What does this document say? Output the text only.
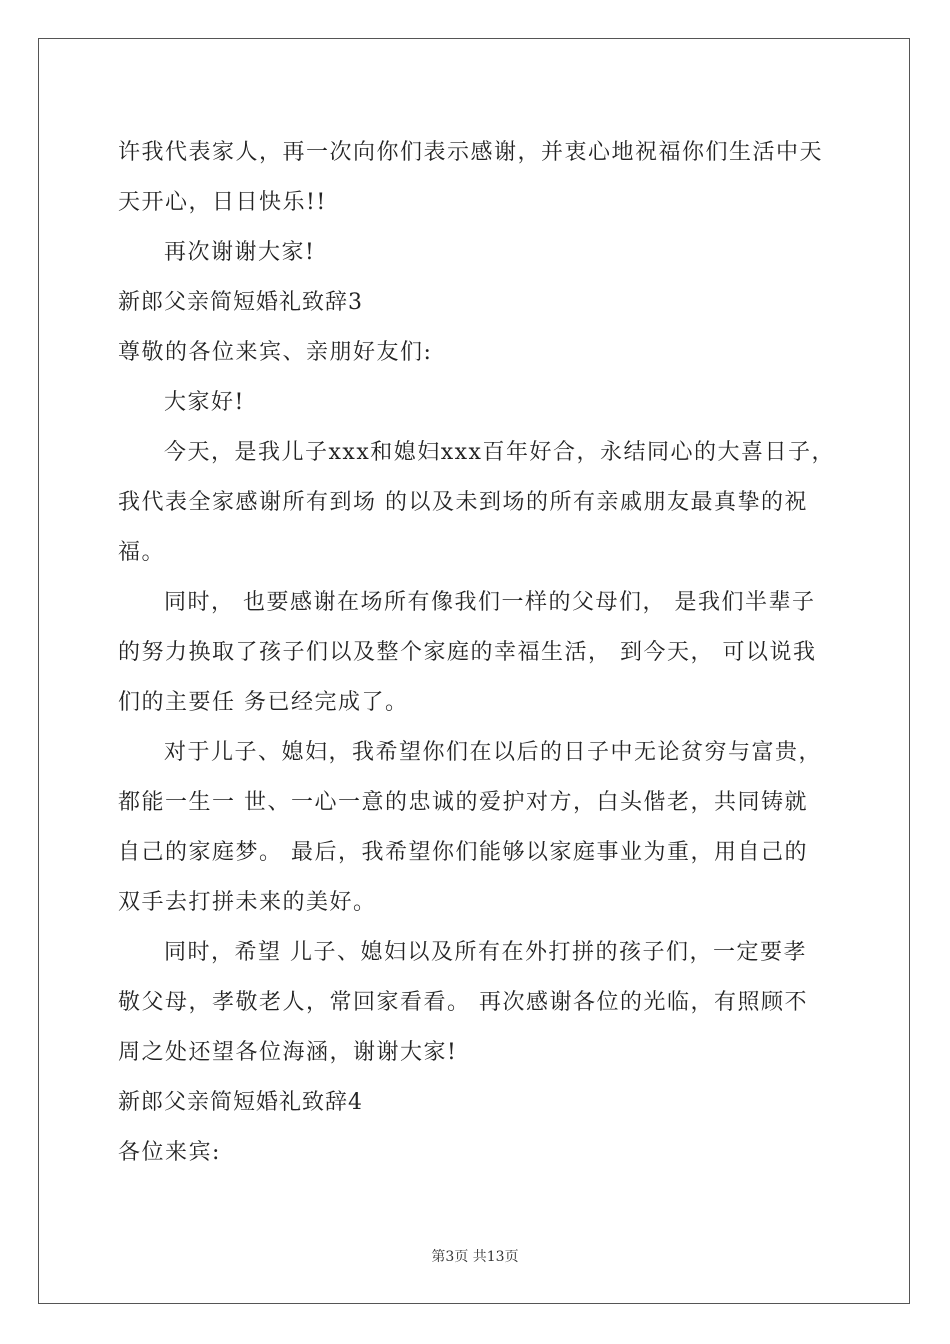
许我代表家人，再一次向你们表示感谢，并衷心地祝福你们生活中天
天开心，日日快乐!!
再次谢谢大家!
新郎父亲简短婚礼致辞3
尊敬的各位来宾、亲朋好友们:
大家好!
今天，是我儿子xxx和媳妇xxx百年好合，永结同心的大喜日子，
我代表全家感谢所有到场 的以及未到场的所有亲戚朋友最真挚的祝
福。
同时， 也要感谢在场所有像我们一样的父母们， 是我们半辈子
的努力换取了孩子们以及整个家庭的幸福生活， 到今天， 可以说我
们的主要任 务已经完成了。
对于儿子、媳妇，我希望你们在以后的日子中无论贫穷与富贵，
都能一生一 世、一心一意的忠诚的爱护对方，白头偕老，共同铸就
自己的家庭梦。 最后，我希望你们能够以家庭事业为重，用自己的
双手去打拼未来的美好。
同时，希望 儿子、媳妇以及所有在外打拼的孩子们，一定要孝
敬父母，孝敬老人，常回家看看。 再次感谢各位的光临，有照顾不
周之处还望各位海涵，谢谢大家!
新郎父亲简短婚礼致辞4
各位来宾:
第3页 共13页
